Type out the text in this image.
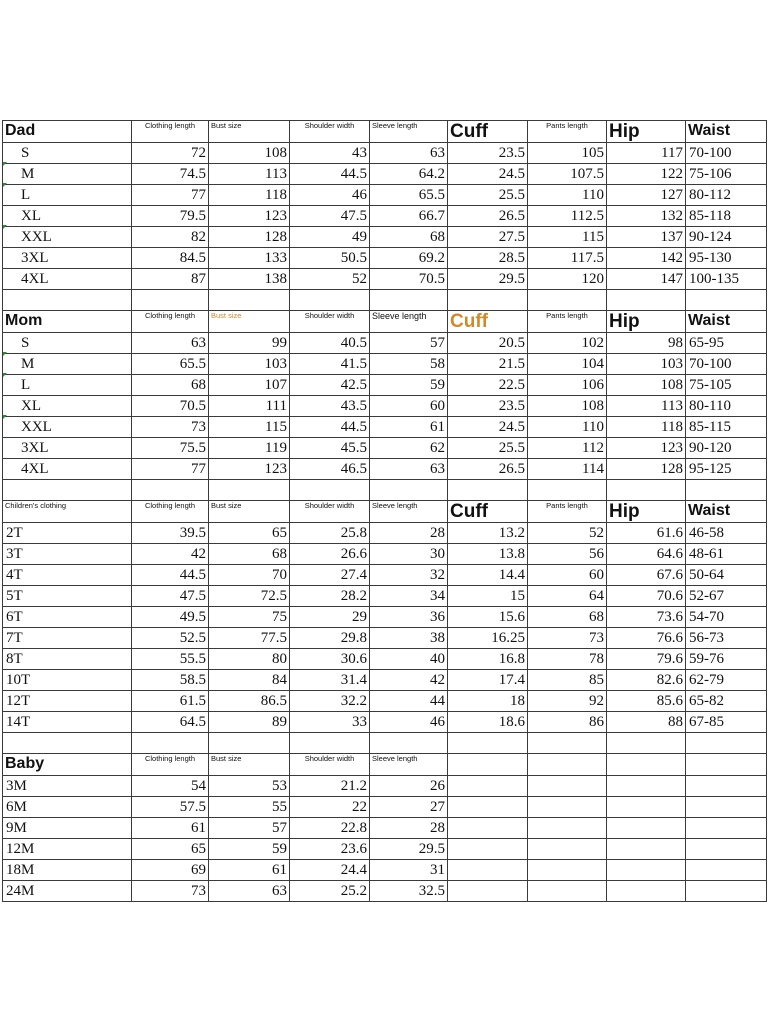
Dad	Clothing length	Bust size	Shoulder width	Sleeve length	Cuff	Pants length	Hip	Waist
S	72	108	43	63	23.5	105	117	70-100
M	74.5	113	44.5	64.2	24.5	107.5	122	75-106
L	77	118	46	65.5	25.5	110	127	80-112
XL	79.5	123	47.5	66.7	26.5	112.5	132	85-118
XXL	82	128	49	68	27.5	115	137	90-124
3XL	84.5	133	50.5	69.2	28.5	117.5	142	95-130
4XL	87	138	52	70.5	29.5	120	147	100-135

Mom	Clothing length	Bust size	Shoulder width	Sleeve length	Cuff	Pants length	Hip	Waist
S	63	99	40.5	57	20.5	102	98	65-95
M	65.5	103	41.5	58	21.5	104	103	70-100
L	68	107	42.5	59	22.5	106	108	75-105
XL	70.5	111	43.5	60	23.5	108	113	80-110
XXL	73	115	44.5	61	24.5	110	118	85-115
3XL	75.5	119	45.5	62	25.5	112	123	90-120
4XL	77	123	46.5	63	26.5	114	128	95-125

Children's clothing	Clothing length	Bust size	Shoulder width	Sleeve length	Cuff	Pants length	Hip	Waist
2T	39.5	65	25.8	28	13.2	52	61.6	46-58
3T	42	68	26.6	30	13.8	56	64.6	48-61
4T	44.5	70	27.4	32	14.4	60	67.6	50-64
5T	47.5	72.5	28.2	34	15	64	70.6	52-67
6T	49.5	75	29	36	15.6	68	73.6	54-70
7T	52.5	77.5	29.8	38	16.25	73	76.6	56-73
8T	55.5	80	30.6	40	16.8	78	79.6	59-76
10T	58.5	84	31.4	42	17.4	85	82.6	62-79
12T	61.5	86.5	32.2	44	18	92	85.6	65-82
14T	64.5	89	33	46	18.6	86	88	67-85

Baby	Clothing length	Bust size	Shoulder width	Sleeve length				

3M	54	53	21.2	26				
6M	57.5	55	22	27				
9M	61	57	22.8	28				
12M	65	59	23.6	29.5				
18M	69	61	24.4	31				
24M	73	63	25.2	32.5				
